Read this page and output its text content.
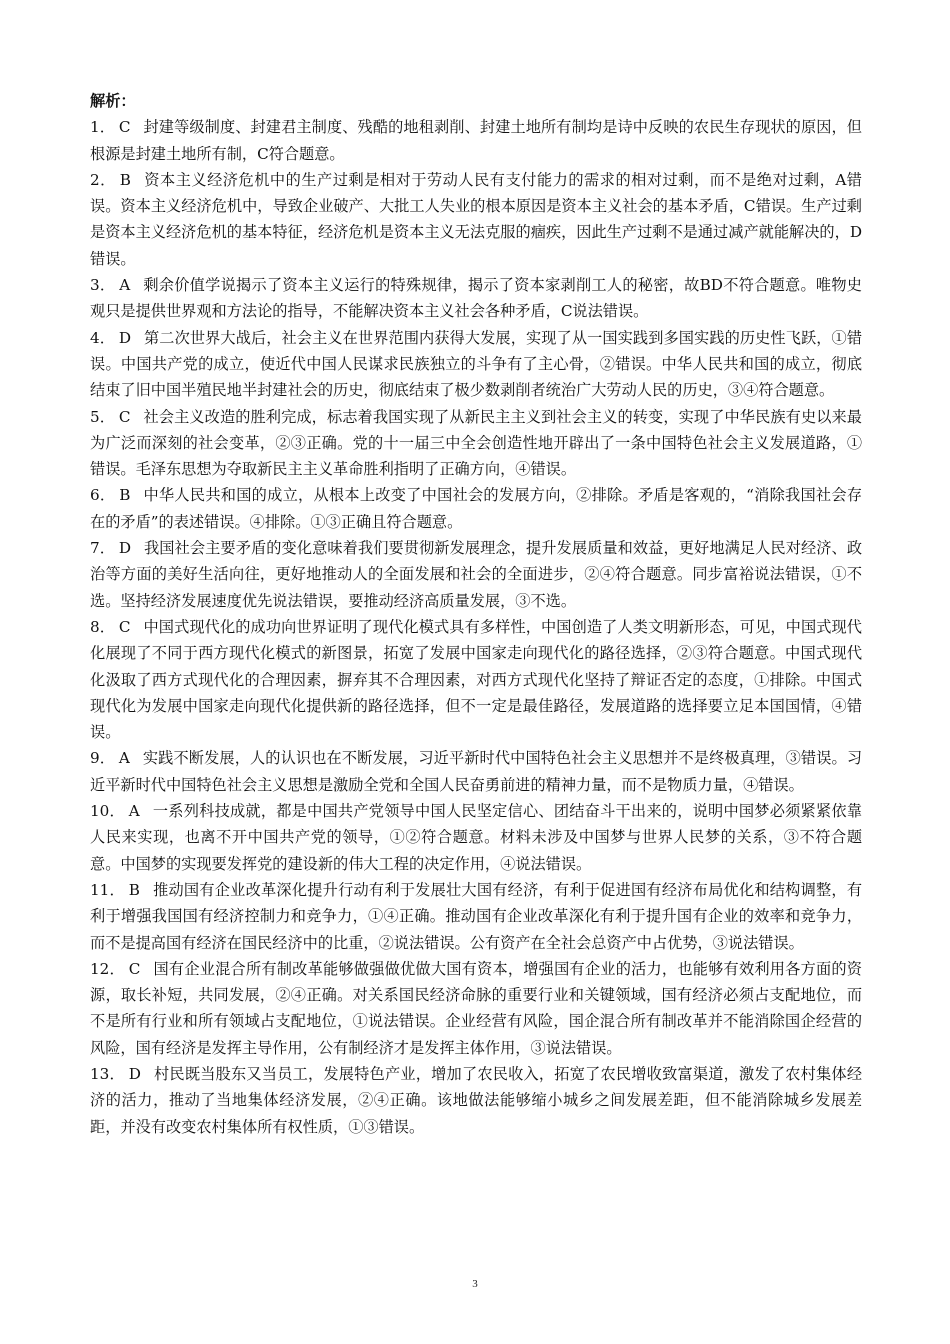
解析：

1． C 封建等级制度、封建君主制度、残酷的地租剥削、封建土地所有制均是诗中反映的农民生存现状的原因，但根源是封建土地所有制，C符合题意。

2． B 资本主义经济危机中的生产过剩是相对于劳动人民有支付能力的需求的相对过剩，而不是绝对过剩，A错误。资本主义经济危机中，导致企业破产、大批工人失业的根本原因是资本主义社会的基本矛盾，C错误。生产过剩是资本主义经济危机的基本特征，经济危机是资本主义无法克服的痼疾，因此生产过剩不是通过减产就能解决的，D错误。

3． A 剩余价值学说揭示了资本主义运行的特殊规律，揭示了资本家剥削工人的秘密，故BD不符合题意。唯物史观只是提供世界观和方法论的指导，不能解决资本主义社会各种矛盾，C说法错误。

4． D 第二次世界大战后，社会主义在世界范围内获得大发展，实现了从一国实践到多国实践的历史性飞跃，①错误。中国共产党的成立，使近代中国人民谋求民族独立的斗争有了主心骨，②错误。中华人民共和国的成立，彻底结束了旧中国半殖民地半封建社会的历史，彻底结束了极少数剥削者统治广大劳动人民的历史，③④符合题意。

5． C 社会主义改造的胜利完成，标志着我国实现了从新民主主义到社会主义的转变，实现了中华民族有史以来最为广泛而深刻的社会变革，②③正确。党的十一届三中全会创造性地开辟出了一条中国特色社会主义发展道路，①错误。毛泽东思想为夺取新民主主义革命胜利指明了正确方向，④错误。

6． B 中华人民共和国的成立，从根本上改变了中国社会的发展方向，②排除。矛盾是客观的，“消除我国社会存在的矛盾”的表述错误。④排除。①③正确且符合题意。

7． D 我国社会主要矛盾的变化意味着我们要贯彻新发展理念，提升发展质量和效益，更好地满足人民对经济、政治等方面的美好生活向往，更好地推动人的全面发展和社会的全面进步，②④符合题意。同步富裕说法错误，①不选。坚持经济发展速度优先说法错误，要推动经济高质量发展，③不选。

8． C 中国式现代化的成功向世界证明了现代化模式具有多样性，中国创造了人类文明新形态，可见，中国式现代化展现了不同于西方现代化模式的新图景，拓宽了发展中国家走向现代化的路径选择，②③符合题意。中国式现代化汲取了西方式现代化的合理因素，摒弃其不合理因素，对西方式现代化坚持了辩证否定的态度，①排除。中国式现代化为发展中国家走向现代化提供新的路径选择，但不一定是最佳路径，发展道路的选择要立足本国国情，④错误。

9． A 实践不断发展，人的认识也在不断发展，习近平新时代中国特色社会主义思想并不是终极真理，③错误。习近平新时代中国特色社会主义思想是激励全党和全国人民奋勇前进的精神力量，而不是物质力量，④错误。

10． A 一系列科技成就，都是中国共产党领导中国人民坚定信心、团结奋斗干出来的，说明中国梦必须紧紧依靠人民来实现，也离不开中国共产党的领导，①②符合题意。材料未涉及中国梦与世界人民梦的关系，③不符合题意。中国梦的实现要发挥党的建设新的伟大工程的决定作用，④说法错误。

11． B 推动国有企业改革深化提升行动有利于发展壮大国有经济，有利于促进国有经济布局优化和结构调整，有利于增强我国国有经济控制力和竞争力，①④正确。推动国有企业改革深化有利于提升国有企业的效率和竞争力，而不是提高国有经济在国民经济中的比重，②说法错误。公有资产在全社会总资产中占优势，③说法错误。

12． C 国有企业混合所有制改革能够做强做优做大国有资本，增强国有企业的活力，也能够有效利用各方面的资源，取长补短，共同发展，②④正确。对关系国民经济命脉的重要行业和关键领域，国有经济必须占支配地位，而不是所有行业和所有领域占支配地位，①说法错误。企业经营有风险，国企混合所有制改革并不能消除国企经营的风险，国有经济是发挥主导作用，公有制经济才是发挥主体作用，③说法错误。

13． D 村民既当股东又当员工，发展特色产业，增加了农民收入，拓宽了农民增收致富渠道，激发了农村集体经济的活力，推动了当地集体经济发展，②④正确。该地做法能够缩小城乡之间发展差距，但不能消除城乡发展差距，并没有改变农村集体所有权性质，①③错误。

3
